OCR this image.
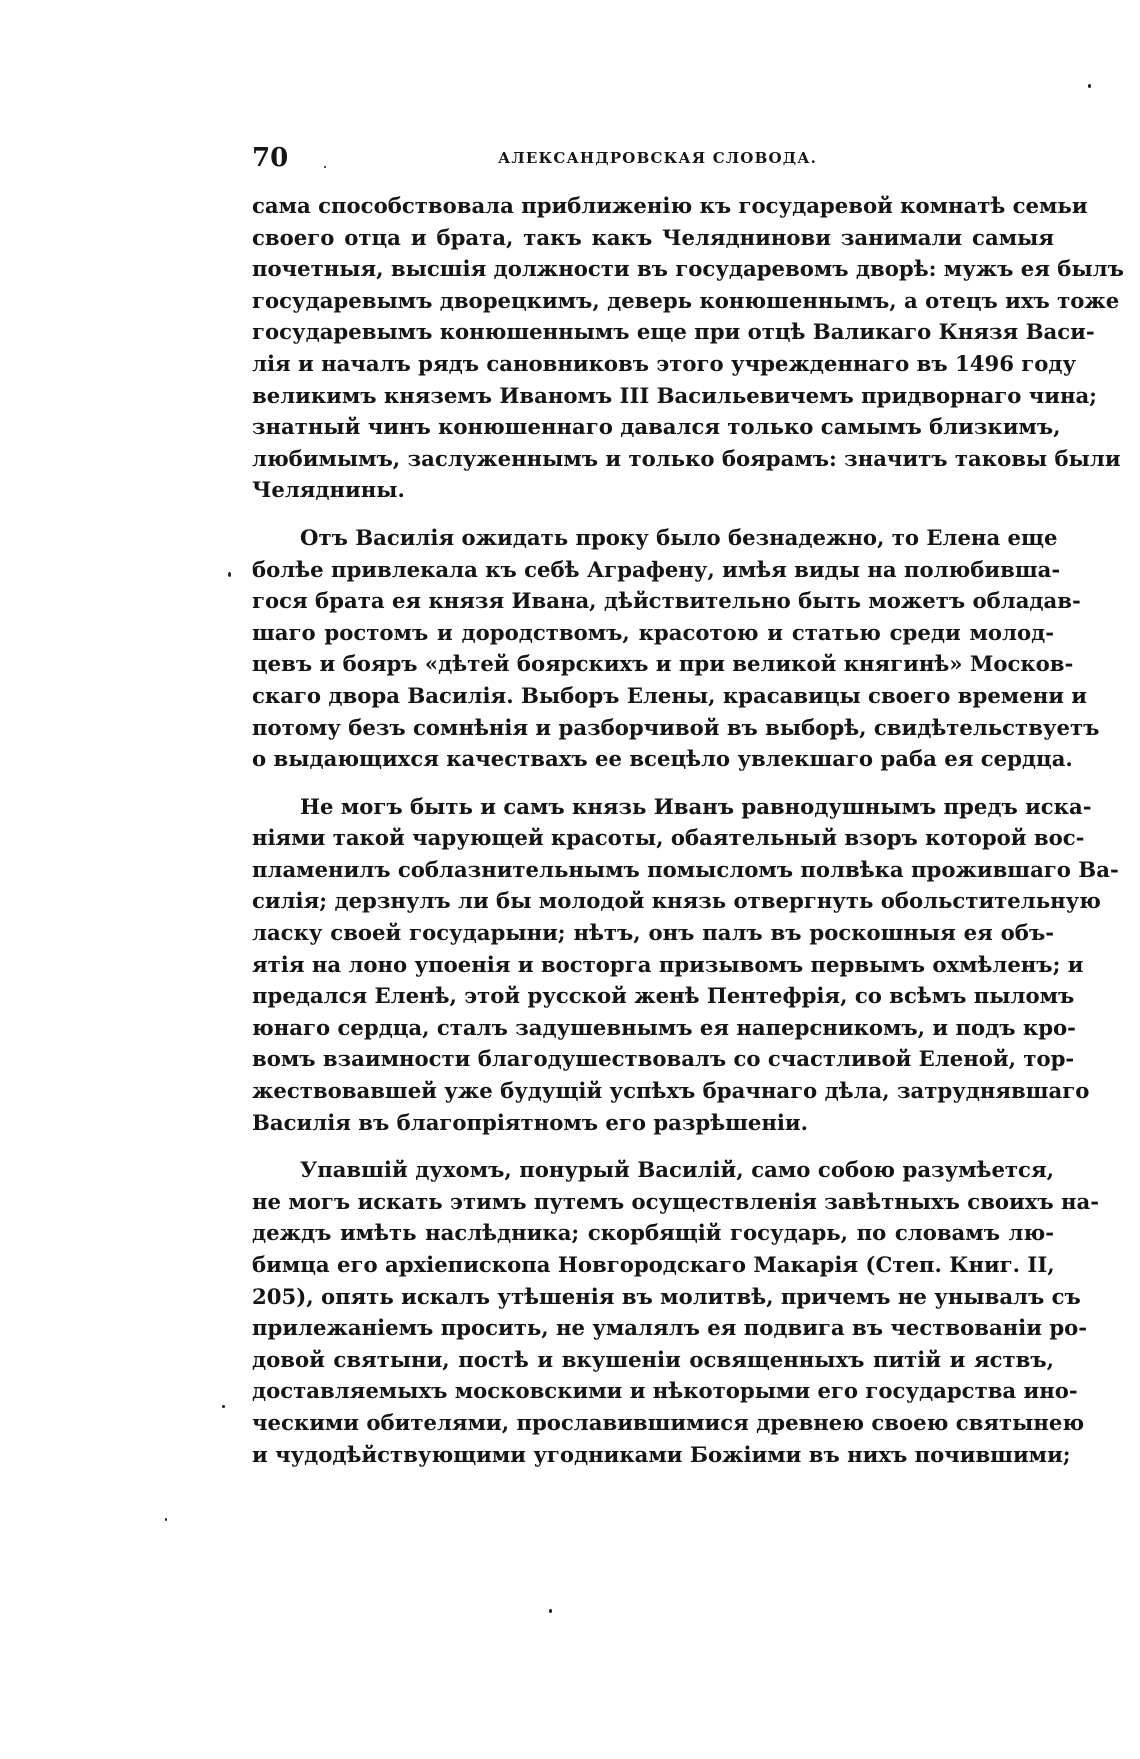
70	АЛЕКСАНДРОВСКАЯ СЛОВОДА.
сама способствовала приближенію къ государевой комнатѣ семьи
своего отца и брата, такъ какъ Челяднинови занимали самыя
почетныя, высшія должности въ государевомъ дворѣ: мужъ ея былъ
государевымъ дворецкимъ, деверь конюшеннымъ, а отецъ ихъ тоже
государевымъ конюшеннымъ еще при отцѣ Валикаго Князя Васи-
лія и началъ рядъ сановниковъ этого учрежденнаго въ 1496 году
великимъ княземъ Иваномъ III Васильевичемъ придворнаго чина;
знатный чинъ конюшеннаго давался только самымъ близкимъ,
любимымъ, заслуженнымъ и только боярамъ: значитъ таковы были
Челяднины.
Отъ Василія ожидать проку было безнадежно, то Елена еще
болѣе привлекала къ себѣ Аграфену, имѣя виды на полюбивша-
гося брата ея князя Ивана, дѣйствительно быть можетъ обладав-
шаго ростомъ и дородствомъ, красотою и статью среди молод-
цевъ и бояръ «дѣтей боярскихъ и при великой княгинѣ» Москов-
скаго двора Василія. Выборъ Елены, красавицы своего времени и
потому безъ сомнѣнія и разборчивой въ выборѣ, свидѣтельствуетъ
о выдающихся качествахъ ее всецѣло увлекшаго раба ея сердца.
Не могъ быть и самъ князь Иванъ равнодушнымъ предъ иска-
ніями такой чарующей красоты, обаятельный взоръ которой вос-
пламенилъ соблазнительнымъ помысломъ полвѣка прожившаго Ва-
силія; дерзнулъ ли бы молодой князь отвергнуть обольстительную
ласку своей государыни; нѣтъ, онъ палъ въ роскошныя ея объ-
ятія на лоно упоенія и восторга призывомъ первымъ охмѣленъ; и
предался Еленѣ, этой русской женѣ Пентефрія, со всѣмъ пыломъ
юнаго сердца, сталъ задушевнымъ ея наперсникомъ, и подъ кро-
вомъ взаимности благодушествовалъ со счастливой Еленой, тор-
жествовавшей уже будущій успѣхъ брачнаго дѣла, затруднявшаго
Василія въ благопріятномъ его разрѣшеніи.
Упавшій духомъ, понурый Василій, само собою разумѣется,
не могъ искать этимъ путемъ осуществленія завѣтныхъ своихъ на-
деждъ имѣть наслѣдника; скорбящій государь, по словамъ лю-
бимца его архіепископа Новгородскаго Макарія (Степ. Книг. II,
205), опять искалъ утѣшенія въ молитвѣ, причемъ не унывалъ съ
прилежаніемъ просить, не умалялъ ея подвига въ чествованіи ро-
довой святыни, постѣ и вкушеніи освященныхъ питій и яствъ,
доставляемыхъ московскими и нѣкоторыми его государства ино-
ческими обителями, прославившимися древнею своею святынею
и чудодѣйствующими угодниками Божіими въ нихъ почившими;
